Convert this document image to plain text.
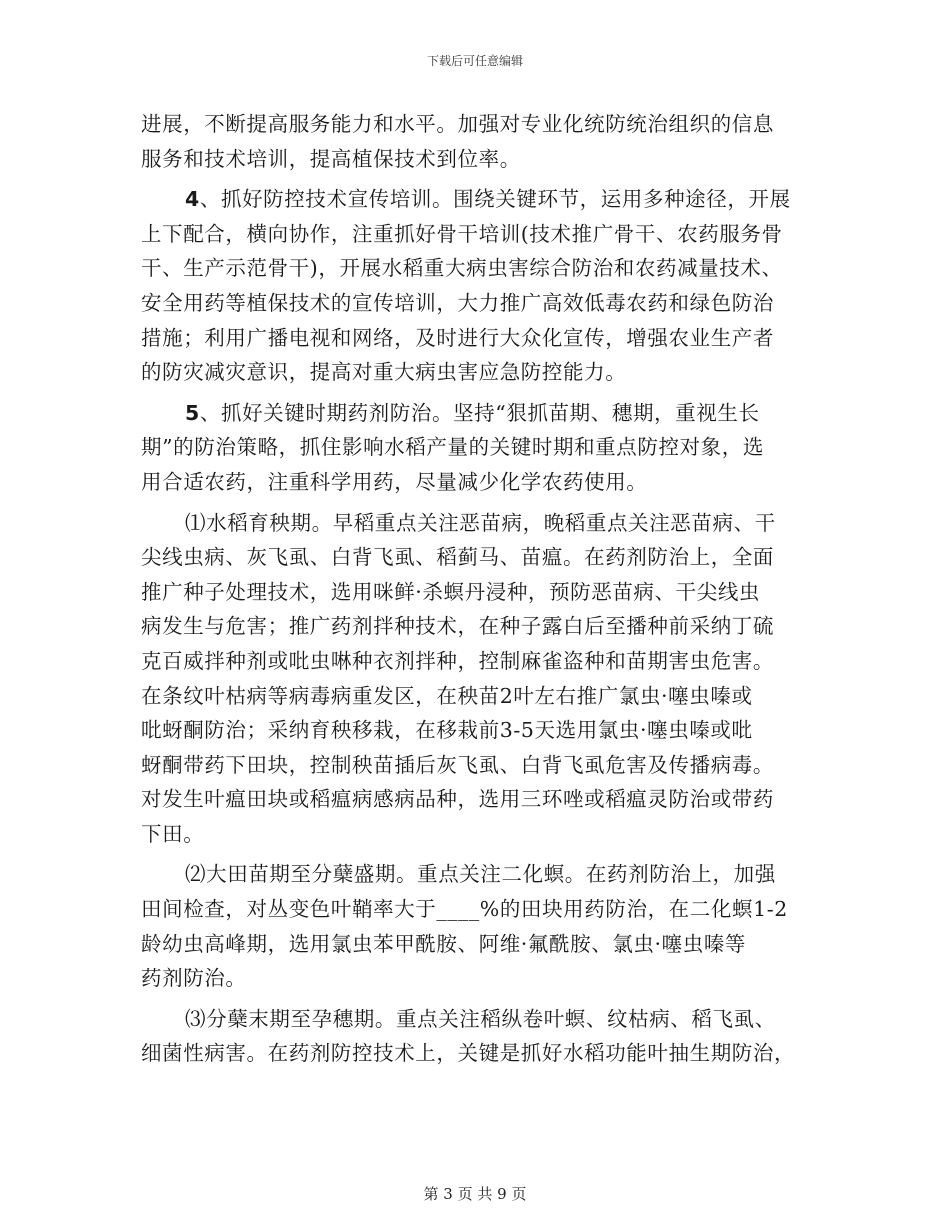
下载后可任意编辑

进展，不断提高服务能力和水平。加强对专业化统防统治组织的信息
服务和技术培训，提高植保技术到位率。

4、抓好防控技术宣传培训。围绕关键环节，运用多种途径，开展
上下配合，横向协作，注重抓好骨干培训(技术推广骨干、农药服务骨
干、生产示范骨干)，开展水稻重大病虫害综合防治和农药减量技术、
安全用药等植保技术的宣传培训，大力推广高效低毒农药和绿色防治
措施；利用广播电视和网络，及时进行大众化宣传，增强农业生产者
的防灾减灾意识，提高对重大病虫害应急防控能力。

5、抓好关键时期药剂防治。坚持“狠抓苗期、穗期，重视生长
期”的防治策略，抓住影响水稻产量的关键时期和重点防控对象，选
用合适农药，注重科学用药，尽量减少化学农药使用。

⑴水稻育秧期。早稻重点关注恶苗病，晚稻重点关注恶苗病、干
尖线虫病、灰飞虱、白背飞虱、稻蓟马、苗瘟。在药剂防治上，全面
推广种子处理技术，选用咪鲜·杀螟丹浸种，预防恶苗病、干尖线虫
病发生与危害；推广药剂拌种技术，在种子露白后至播种前采纳丁硫
克百威拌种剂或吡虫啉种衣剂拌种，控制麻雀盗种和苗期害虫危害。
在条纹叶枯病等病毒病重发区，在秧苗2叶左右推广氯虫·噻虫嗪或
吡蚜酮防治；采纳育秧移栽，在移栽前3-5天选用氯虫·噻虫嗪或吡
蚜酮带药下田块，控制秧苗插后灰飞虱、白背飞虱危害及传播病毒。
对发生叶瘟田块或稻瘟病感病品种，选用三环唑或稻瘟灵防治或带药
下田。

⑵大田苗期至分蘖盛期。重点关注二化螟。在药剂防治上，加强
田间检查，对丛变色叶鞘率大于____%的田块用药防治，在二化螟1-2
龄幼虫高峰期，选用氯虫苯甲酰胺、阿维·氟酰胺、氯虫·噻虫嗪等
药剂防治。

⑶分蘖末期至孕穗期。重点关注稻纵卷叶螟、纹枯病、稻飞虱、
细菌性病害。在药剂防控技术上，关键是抓好水稻功能叶抽生期防治，

第 3 页 共 9 页
